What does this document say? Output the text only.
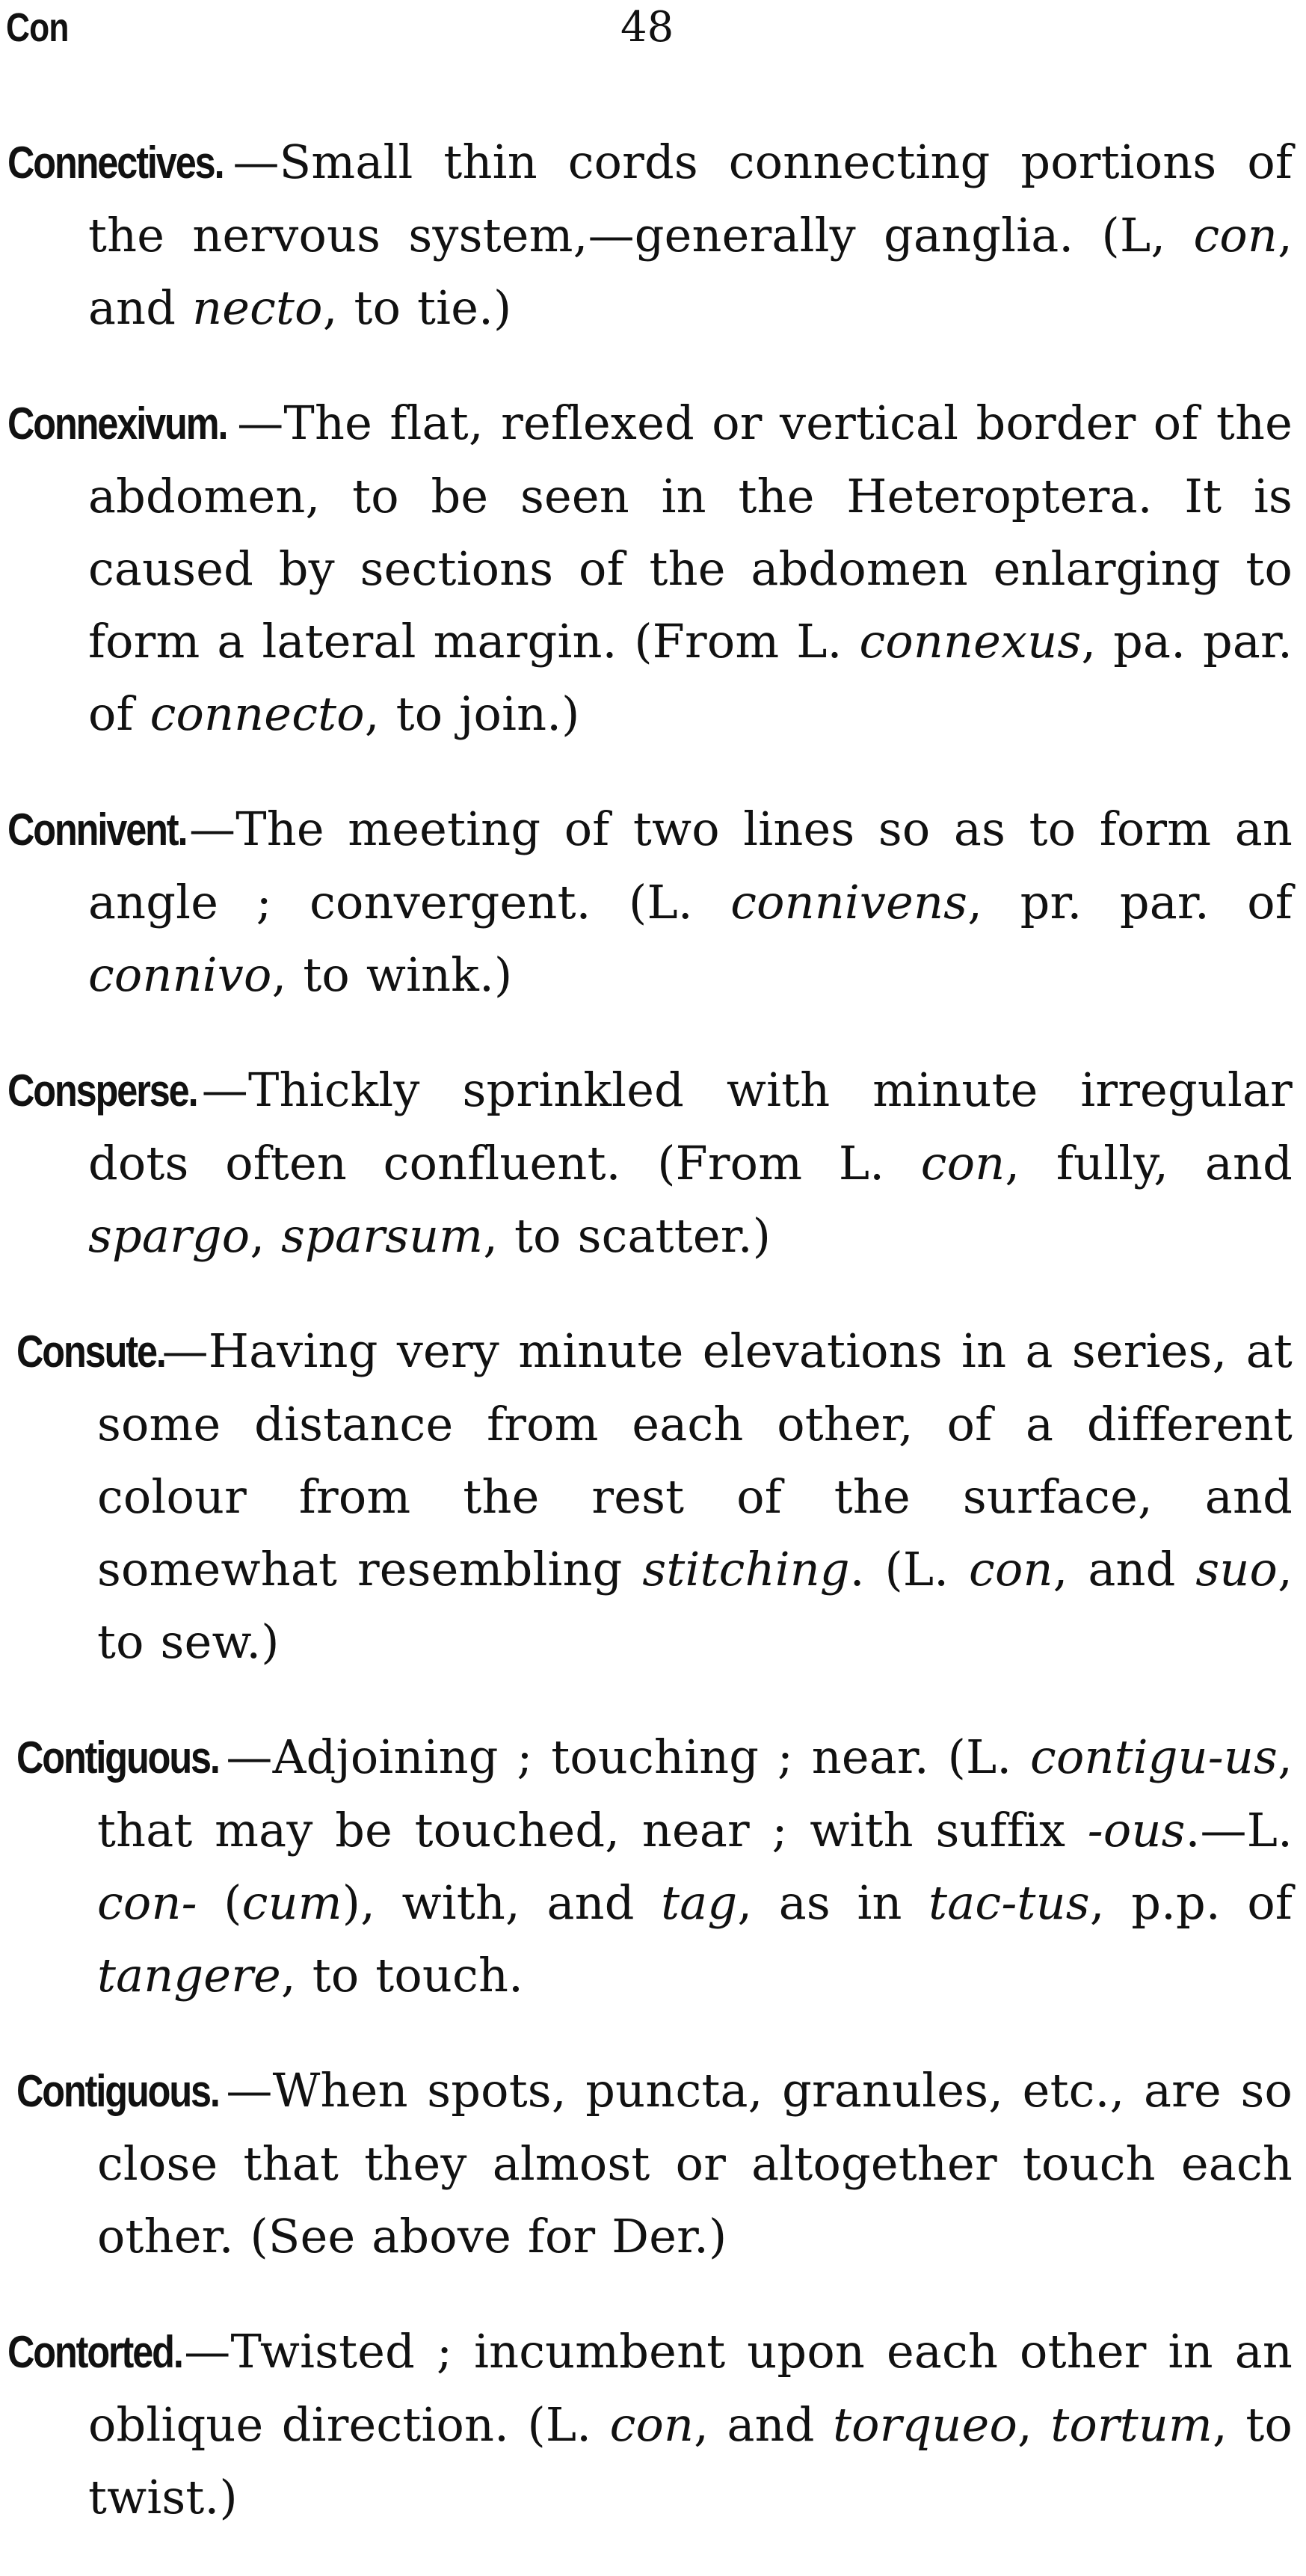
Con	48

Connectives. —Small thin cords connecting portions of the nervous system,—generally ganglia. (L, con, and necto, to tie.)

Connexivum. —The flat, reflexed or vertical border of the abdomen, to be seen in the Heteroptera. It is caused by sections of the abdomen enlarging to form a lateral margin. (From L. connexus, pa. par. of connecto, to join.)

Connivent.—The meeting of two lines so as to form an angle ; convergent. (L. connivens, pr. par. of connivo, to wink.)

Consperse. —Thickly sprinkled with minute irregular dots often confluent. (From L. con, fully, and spargo, sparsum, to scatter.)

Consute.—Having very minute elevations in a series, at some distance from each other, of a different colour from the rest of the surface, and somewhat resembling stitching. (L. con, and suo, to sew.)

Contiguous. —Adjoining ; touching ; near. (L. contigu-us, that may be touched, near ; with suffix -ous.—L. con- (cum), with, and tag, as in tac-tus, p.p. of tangere, to touch.

Contiguous. —When spots, puncta, granules, etc., are so close that they almost or altogether touch each other. (See above for Der.)

Contorted.—Twisted ; incumbent upon each other in an oblique direction. (L. con, and torqueo, tortum, to twist.)
